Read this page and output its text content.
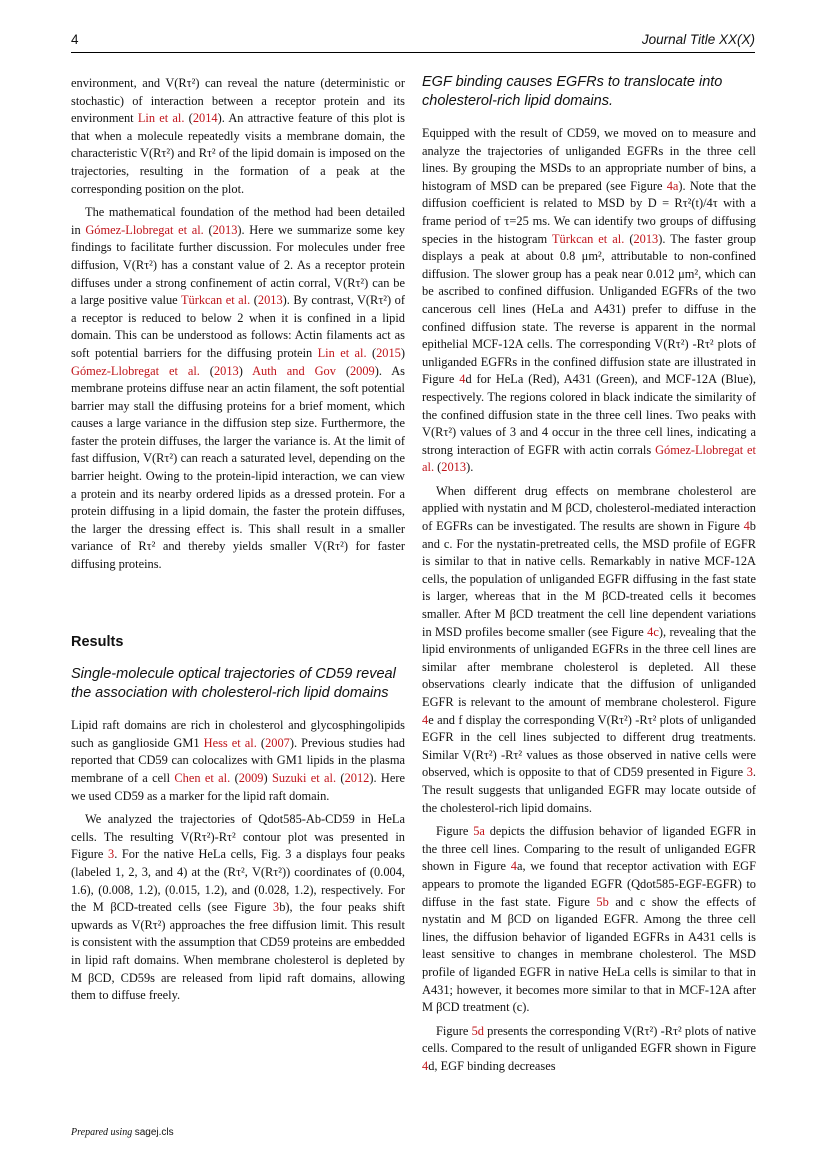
4	Journal Title XX(X)

environment, and V(Rτ²) can reveal the nature (deterministic or stochastic) of interaction between a receptor protein and its environment Lin et al. (2014). An attractive feature of this plot is that when a molecule repeatedly visits a membrane domain, the characteristic V(Rτ²) and Rτ² of the lipid domain is imposed on the trajectories, resulting in the formation of a peak at the corresponding position on the plot.

The mathematical foundation of the method had been detailed in Gómez-Llobregat et al. (2013). Here we summarize some key findings to facilitate further discussion. For molecules under free diffusion, V(Rτ²) has a constant value of 2. As a receptor protein diffuses under a strong confinement of actin corral, V(Rτ²) can be a large positive value Türkcan et al. (2013). By contrast, V(Rτ²) of a receptor is reduced to below 2 when it is confined in a lipid domain. This can be understood as follows: Actin filaments act as soft potential barriers for the diffusing protein Lin et al. (2015) Gómez-Llobregat et al. (2013) Auth and Gov (2009). As membrane proteins diffuse near an actin filament, the soft potential barrier may stall the diffusing proteins for a brief moment, which causes a large variance in the diffusion step size. Furthermore, the faster the protein diffuses, the larger the variance is. At the limit of fast diffusion, V(Rτ²) can reach a saturated level, depending on the barrier height. Owing to the protein-lipid interaction, we can view a protein and its nearby ordered lipids as a dressed protein. For a protein diffusing in a lipid domain, the faster the protein diffuses, the larger the dressing effect is. This shall result in a smaller variance of Rτ² and thereby yields smaller V(Rτ²) for faster diffusing proteins.

Results
Single-molecule optical trajectories of CD59 reveal the association with cholesterol-rich lipid domains

Lipid raft domains are rich in cholesterol and glycosphingolipids such as ganglioside GM1 Hess et al. (2007). Previous studies had reported that CD59 can colocalizes with GM1 lipids in the plasma membrane of a cell Chen et al. (2009) Suzuki et al. (2012). Here we used CD59 as a marker for the lipid raft domain.

We analyzed the trajectories of Qdot585-Ab-CD59 in HeLa cells. The resulting V(Rτ²)-Rτ² contour plot was presented in Figure 3. For the native HeLa cells, Fig. 3 a displays four peaks (labeled 1, 2, 3, and 4) at the (Rτ², V(Rτ²)) coordinates of (0.004, 1.6), (0.008, 1.2), (0.015, 1.2), and (0.028, 1.2), respectively. For the M βCD-treated cells (see Figure 3b), the four peaks shift upwards as V(Rτ²) approaches the free diffusion limit. This result is consistent with the assumption that CD59 proteins are embedded in lipid raft domains. When membrane cholesterol is depleted by M βCD, CD59s are released from lipid raft domains, allowing them to diffuse freely.

EGF binding causes EGFRs to translocate into cholesterol-rich lipid domains.

Equipped with the result of CD59, we moved on to measure and analyze the trajectories of unliganded EGFRs in the three cell lines. By grouping the MSDs to an appropriate number of bins, a histogram of MSD can be prepared (see Figure 4a). Note that the diffusion coefficient is related to MSD by D = Rτ²(t)/4τ with a frame period of τ=25 ms. We can identify two groups of diffusing species in the histogram Türkcan et al. (2013). The faster group displays a peak at about 0.8 μm², attributable to non-confined diffusion. The slower group has a peak near 0.012 μm², which can be ascribed to confined diffusion. Unliganded EGFRs of the two cancerous cell lines (HeLa and A431) prefer to diffuse in the confined diffusion state. The reverse is apparent in the normal epithelial MCF-12A cells. The corresponding V(Rτ²) -Rτ² plots of unliganded EGFRs in the confined diffusion state are illustrated in Figure 4d for HeLa (Red), A431 (Green), and MCF-12A (Blue), respectively. The regions colored in black indicate the similarity of the confined diffusion state in the three cell lines. Two peaks with V(Rτ²) values of 3 and 4 occur in the three cell lines, indicating a strong interaction of EGFR with actin corrals Gómez-Llobregat et al. (2013).

When different drug effects on membrane cholesterol are applied with nystatin and M βCD, cholesterol-mediated interaction of EGFRs can be investigated. The results are shown in Figure 4b and c. For the nystatin-pretreated cells, the MSD profile of EGFR is similar to that in native cells. Remarkably in native MCF-12A cells, the population of unliganded EGFR diffusing in the fast state is larger, whereas that in the M βCD-treated cells it becomes smaller. After M βCD treatment the cell line dependent variations in MSD profiles become smaller (see Figure 4c), revealing that the lipid environments of unliganded EGFRs in the three cell lines are similar after membrane cholesterol is depleted. All these observations clearly indicate that the diffusion of unliganded EGFR is relevant to the amount of membrane cholesterol. Figure 4e and f display the corresponding V(Rτ²) -Rτ² plots of unliganded EGFR in the cell lines subjected to different drug treatments. Similar V(Rτ²) -Rτ² values as those observed in native cells were observed, which is opposite to that of CD59 presented in Figure 3. The result suggests that unliganded EGFR may locate outside of the cholesterol-rich lipid domains.

Figure 5a depicts the diffusion behavior of liganded EGFR in the three cell lines. Comparing to the result of unliganded EGFR shown in Figure 4a, we found that receptor activation with EGF appears to promote the liganded EGFR (Qdot585-EGF-EGFR) to diffuse in the fast state. Figure 5b and c show the effects of nystatin and M βCD on liganded EGFR. Among the three cell lines, the diffusion behavior of liganded EGFRs in A431 cells is least sensitive to changes in membrane cholesterol. The MSD profile of liganded EGFR in native HeLa cells is similar to that in A431; however, it becomes more similar to that in MCF-12A after M βCD treatment (c).

Figure 5d presents the corresponding V(Rτ²) -Rτ² plots of native cells. Compared to the result of unliganded EGFR shown in Figure 4d, EGF binding decreases

Prepared using sagej.cls
